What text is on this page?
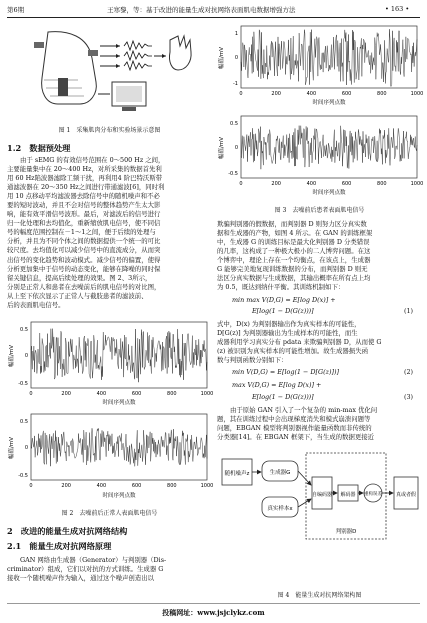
第6期	王寒黎，等：基于改进的能量生成对抗网络表面肌电数据增强方法	• 163 •
图 1　采集肌肉分布和实验场景示意图
1.2　数据预处理
由于 sEMG 的有效信号范围在 0～500 Hz 之间，
主要能量集中在 20～400 Hz，对所采集的数据首先利
用 60 Hz陷波器滤除工频干扰，再利用4 阶巴特沃斯带
通滤波器在 20～350 Hz之间进行带通滤波[6]，同时利
用 10 点移动平均滤波器去除信号中的随机噪声和不必
要的短时波动，并且不会对信号的整体趋势产生太大影
响，能有效平滑信号波形。最后，对滤波后的信号进行
归一化处理和去均值化，重新缩放肌电信号，使不同信
号的幅度范围控制在－1～1之间，便于后续的处理与
分析，并且为不同个体之间的数据提供一个统一的可比
较尺度。去均值化可以减少信号中的直流成分，从而突
出信号的变化趋势和波动模式。减少信号的偏置，使得
分析更加集中于信号的动态变化，能够在降噪的同时保
留关键信息，提高后续处理的效果。图 2、3所示，
分别是正常人和患者在去噪前后的肌电信号的对比图，
从上至下依次显示了正常人与截肢患者的滤波前、
后的表面肌电信号。
0.5
0
-0.5
0	200	400	600	800	1000
时间序列点数
幅值/mV
0.5
0
-0.5
0	200	400	600	800	1000
时间序列点数
幅值/mV
图 2　去噪前后正常人表面肌电信号
2　改进的能量生成对抗网络结构
2.1　能量生成对抗网络原理
GAN 网络由生成器（Generator）与判别器（Dis-
criminator）组成，它们以对抗的方式训练。生成器 G
接收一个随机噪声作为输入，通过这个噪声创造出以
1
0
-1
0	200	400	600	800	1000
时间序列点数
幅值/mV
0.5
0
-0.5
0	200	400	600	800	1000
时间序列点数
幅值/mV
图 3　去噪前后患者表面肌电信号
欺骗判别器的假数据，而判别器 D 则努力区分真实数
据和生成器的产物，如图 4 所示。在 GAN 的训练框架
中，生成器 G 的训练目标是最大化判别器 D 分类错误
的几率，这构成了一种极大极小的二人博弈问题。在这
个博弈中，理论上存在一个均衡点，在该点上，生成器
G 能够完美地复现训练数据的分布，而判别器 D 则无
法区分真实数据与生成数据，其输出概率在所有点上均
为 0.5，既达到纳什平衡。其训练机制如下：
min max V(D,G) = E[log D(x)] +
E[log(1 − D(G(z)))]	(1)
式中，D(x) 为判别器输出作为真实样本的可能性，
D[G(z)] 为判别器输出为生成样本的可能性，而生
成器利用学习真实分布 pdata 来欺骗判别器 D，从而使 G
(z) 被识别为真实样本的可能性增加。故生成器损失函
数与判别函数分别如下：
min V(D,G) = E[log(1 − D[G(z)])]	(2)
max V(D,G) = E[log D(x)] +
E[log(1 − D(G(z)))]	(3)
由于原始 GAN 引入了一个复杂的 min-max 优化问
题，其在训练过程中会出现梯度消失和模式崩溃问题等
问题，EBGAN 模型将判别器视作能量函数而非传统的
分类器[14]。在 EBGAN 框架下，当生成的数据更接近
随机噪声z	生成器G
真实样本x
自编码器 解码器 重构误差
判别器D
真或者假
图 4　能量生成对抗网络架构图
投稿网址：www.jsjclykz.com
